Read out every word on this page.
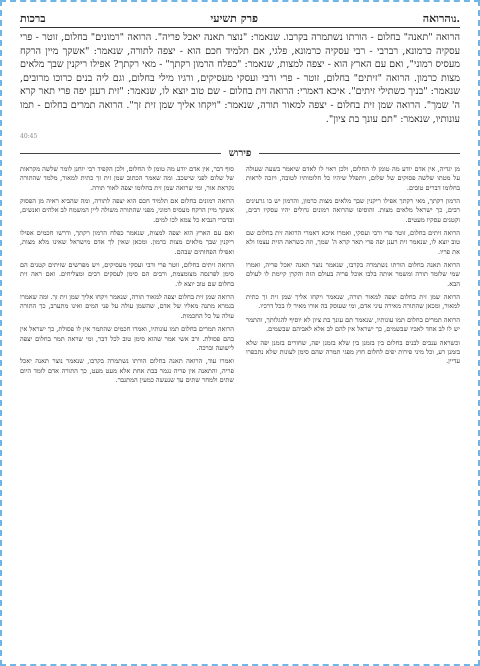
נו.
הרואה
פרק תשיעי
ברכות
הרואה "תאנה" בחלום - הורתו נשתמרה בקרבו. שנאמר: "נוצר תאנה יאכל פריה". הרואה "רמונים" בחלום, זוטר - פרי עסקיה כרמונא, רברבי - רבי עסקיה כרמונא, פלגי, אם תלמיד חכם הוא - יצפה לתורה, שנאמר: "אשקך מיין הרקח מעסיס רמוני", ואם עם הארץ הוא - יצפה למצות, שנאמר: "כפלח הרמון רקתך" - מאי רקתך? אפילו ריקנין שבך מלאים מצות כרמון. הרואה "זיתים" בחלום, זוטר - פרי ורבי ועסקי מעסיקים, ורגיו מילי בחלום, וגם ליה בנים כרוכו מרובים, שנאמר: "בניך כשתילי זיתים". איכא דאמרי: הרואה זית בחלום - שם טוב יוצא לו, שנאמר: "זית רענן יפה פרי תאר קרא ה' שמך". הרואה שמן זית בחלום - יצפה למאור תורה, שנאמר: "ויקחו אליך שמן זית זך". הרואה תמרים בחלום - תמו עונותיו, שנאמר: "תם עונך בת ציון".
40:45
פירוש

מן יגדיה, אין אדם יודע מה טומן לו החלום, ולכן ראוי לו לאדם שיאמר בשעה שעולה על מטתו שלשה פסוקים של שלום, ויתפלל שיהיו כל חלומותיו לטובה, ויזכה לראות בחלומו דברים טובים.

הרמון רקתך, מאי רקתך אפילו ריקנין שבך מלאים מצות כרמון, והרמון יש בו גרעינים רבים, כך ישראל מלאים מצות. והוסיפו שהרואה רמונים גדולים יהיו עסקיו רבים, וקטנים עסקיו מעטים.

הרואה זיתים בחלום, זוטר פרי ורבי ועסקי, ואמרו איכא דאמרי הרואה זית בחלום שם טוב יוצא לו, שנאמר זית רענן יפה פרי תאר קרא ה' שמך, וזה כשראה הזית עצמו ולא את פריו.

הרואה תאנה בחלום הורתו נשתמרה בקרבו, שנאמר נוצר תאנה יאכל פריה, ואמרו שמי שלומד תורה ומשמר אותה בלבו אוכל פריה בעולם הזה והקרן קיימת לו לעולם הבא.

הרואה שמן זית בחלום יצפה למאור תורה, שנאמר ויקחו אליך שמן זית זך כתית למאור, ומכאן שהתורה מאירה עיני אדם, ומי שעוסק בה אורו מאיר לו בכל דרכיו.

הרואה תמרים בחלום תמו עונותיו, שנאמר תם עונך בת ציון לא יוסיף להגלותך, והתמר יש לו לב אחד לאביו שבשמים, כך ישראל אין להם לב אלא לאביהם שבשמים.

וכשראה ענבים לבנים בחלום בין בזמנן בין שלא בזמנן יפה, שחורים בזמנן יפה שלא בזמנן רע, וכל מיני פירות יפים לחלום חוץ מפגי תמרה שהם סימן לעונות שלא נתכפרו עדיין.

סוף דבר, אין אדם יודע מה טומן לו החלום, ולכן הקפיד רבי יוחנן לומר שלשה מקראות של שלום לפני שישכב. ומה שאמר הכתוב שמן זית זך כתית למאור, מלמד שהתורה נקראת אור, ומי שרואה שמן זית בחלומו יצפה לאור תורה.

הרואה רמונים בחלום אם תלמיד חכם הוא יצפה לתורה, ומה שהביא ראיה מן הפסוק אשקך מיין הרקח מעסיס רמוני, מפני שהתורה משולה ליין המשמח לב אלהים ואנשים, ובדברי הנביא כל צמא לכו למים.

ואם עם הארץ הוא יצפה למצות, שנאמר כפלח הרמון רקתך, ודרשו חכמים אפילו ריקנין שבך מלאים מצות כרמון. ומכאן שאין לך אדם מישראל שאינו מלא מצות, ואפילו הפחותים שבהם.

הרואה זיתים בחלום, זוטר פרי ורבי ועסקי מעסיקים, ויש מפרשים שזיתים קטנים הם סימן לפרנסה מצומצמת, ורבים הם סימן לעסקים רבים ומצליחים. ואם ראה זית בחלום שם טוב יוצא לו.

הרואה שמן זית בחלום יצפה למאור תורה, שנאמר ויקחו אליך שמן זית זך. ומה שאמרו בגמרא מתנה מאליו של אדם, שהשמן עולה על פני המים ואינו מתערב, כך התורה עולה על כל החכמות.

הרואה תמרים בחלום תמו עונותיו, ואמרו חכמים שהתמר אין לו פסולת, כך ישראל אין בהם פסולת. ורב אשי אמר שהוא סימן טוב לכל דבר, ומי שראה תמר בחלום יצפה לישועה וברכה.

ואמרו עוד, הרואה תאנה בחלום הורתו נשתמרה בקרבו, שנאמר נוצר תאנה יאכל פריה, והתאנה אין פריה נגמר בבת אחת אלא מעט מעט, כך התורה אדם לומד היום שתים ולמחר שתים עד שנעשה כמעין המתגבר.
